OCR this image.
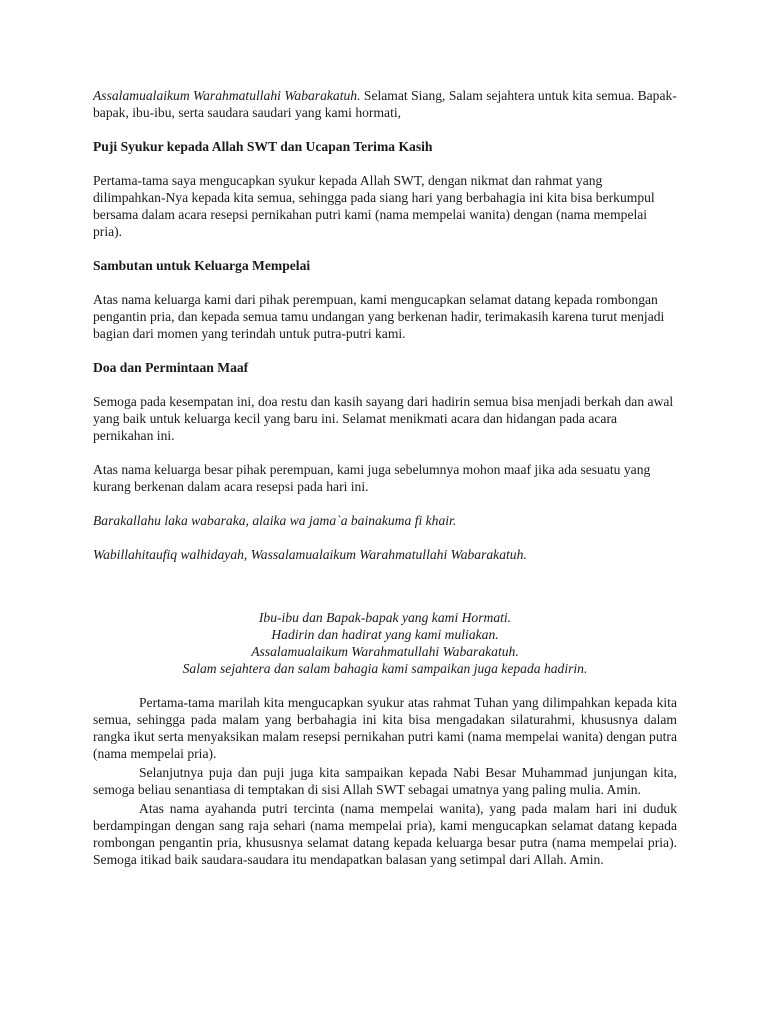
Assalamualaikum Warahmatullahi Wabarakatuh. Selamat Siang, Salam sejahtera untuk kita semua. Bapak-bapak, ibu-ibu, serta saudara saudari yang kami hormati,

Puji Syukur kepada Allah SWT dan Ucapan Terima Kasih

Pertama-tama saya mengucapkan syukur kepada Allah SWT, dengan nikmat dan rahmat yang dilimpahkan-Nya kepada kita semua, sehingga pada siang hari yang berbahagia ini kita bisa berkumpul bersama dalam acara resepsi pernikahan putri kami (nama mempelai wanita) dengan (nama mempelai pria).

Sambutan untuk Keluarga Mempelai

Atas nama keluarga kami dari pihak perempuan, kami mengucapkan selamat datang kepada rombongan pengantin pria, dan kepada semua tamu undangan yang berkenan hadir, terimakasih karena turut menjadi bagian dari momen yang terindah untuk putra-putri kami.

Doa dan Permintaan Maaf

Semoga pada kesempatan ini, doa restu dan kasih sayang dari hadirin semua bisa menjadi berkah dan awal yang baik untuk keluarga kecil yang baru ini. Selamat menikmati acara dan hidangan pada acara pernikahan ini.

Atas nama keluarga besar pihak perempuan, kami juga sebelumnya mohon maaf jika ada sesuatu yang kurang berkenan dalam acara resepsi pada hari ini.

Barakallahu laka wabaraka, alaika wa jama`a bainakuma fi khair.

Wabillahitaufiq walhidayah, Wassalamualaikum Warahmatullahi Wabarakatuh.

Ibu-ibu dan Bapak-bapak yang kami Hormati.
Hadirin dan hadirat yang kami muliakan.
Assalamualaikum Warahmatullahi Wabarakatuh.
Salam sejahtera dan salam bahagia kami sampaikan juga kepada hadirin.

Pertama-tama marilah kita mengucapkan syukur atas rahmat Tuhan yang dilimpahkan kepada kita semua, sehingga pada malam yang berbahagia ini kita bisa mengadakan silaturahmi, khususnya dalam rangka ikut serta menyaksikan malam resepsi pernikahan putri kami (nama mempelai wanita) dengan putra (nama mempelai pria).

Selanjutnya puja dan puji juga kita sampaikan kepada Nabi Besar Muhammad junjungan kita, semoga beliau senantiasa di temptakan di sisi Allah SWT sebagai umatnya yang paling mulia. Amin.

Atas nama ayahanda putri tercinta (nama mempelai wanita), yang pada malam hari ini duduk berdampingan dengan sang raja sehari (nama mempelai pria), kami mengucapkan selamat datang kepada rombongan pengantin pria, khususnya selamat datang kepada keluarga besar putra (nama mempelai pria). Semoga itikad baik saudara-saudara itu mendapatkan balasan yang setimpal dari Allah. Amin.
